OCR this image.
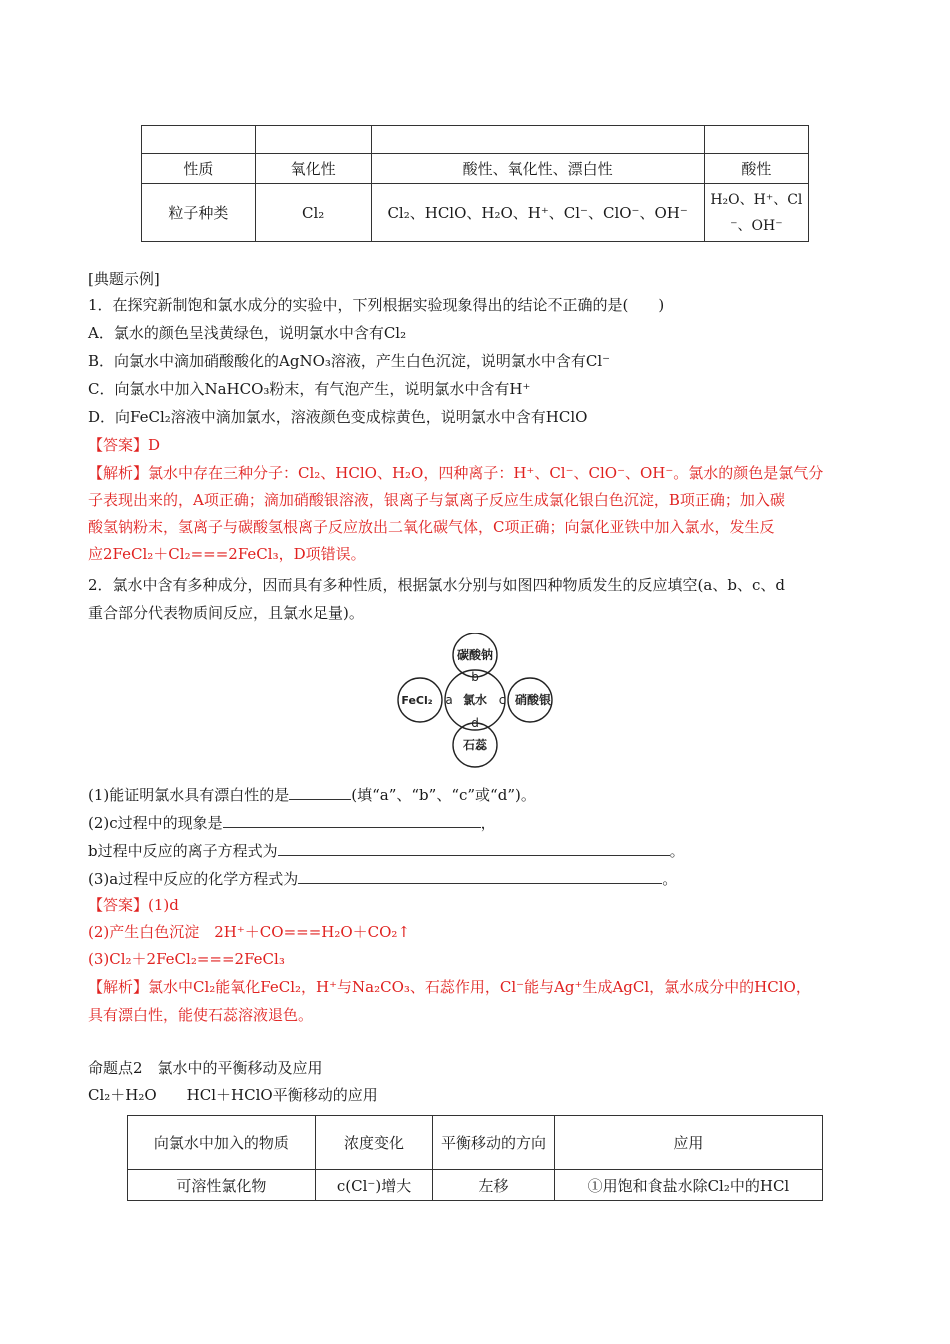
性质	氧化性	酸性、氧化性、漂白性	酸性
粒子种类	Cl₂	Cl₂、HClO、H₂O、H⁺、Cl⁻、ClO⁻、OH⁻	H₂O、H⁺、Cl
⁻、OH⁻
[典题示例]
1．在探究新制饱和氯水成分的实验中，下列根据实验现象得出的结论不正确的是(　　)
A．氯水的颜色呈浅黄绿色，说明氯水中含有Cl₂
B．向氯水中滴加硝酸酸化的AgNO₃溶液，产生白色沉淀，说明氯水中含有Cl⁻
C．向氯水中加入NaHCO₃粉末，有气泡产生，说明氯水中含有H⁺
D．向FeCl₂溶液中滴加氯水，溶液颜色变成棕黄色，说明氯水中含有HClO
【答案】D
【解析】氯水中存在三种分子：Cl₂、HClO、H₂O，四种离子：H⁺、Cl⁻、ClO⁻、OH⁻。氯水的颜色是氯气分
子表现出来的，A项正确；滴加硝酸银溶液，银离子与氯离子反应生成氯化银白色沉淀，B项正确；加入碳
酸氢钠粉末，氢离子与碳酸氢根离子反应放出二氧化碳气体，C项正确；向氯化亚铁中加入氯水，发生反
应2FeCl₂＋Cl₂===2FeCl₃，D项错误。
2．氯水中含有多种成分，因而具有多种性质，根据氯水分别与如图四种物质发生的反应填空(a、b、c、d
重合部分代表物质间反应，且氯水足量)。
碳酸钠
石蕊
FeCl₂	硝酸银
氯水
b
d
a	c
(1)能证明氯水具有漂白性的是	(填“a”、“b”、“c”或“d”)。
(2)c过程中的现象是	，
b过程中反应的离子方程式为	。
(3)a过程中反应的化学方程式为	。
【答案】(1)d
(2)产生白色沉淀　2H⁺＋CO===H₂O＋CO₂↑
(3)Cl₂＋2FeCl₂===2FeCl₃
【解析】氯水中Cl₂能氧化FeCl₂，H⁺与Na₂CO₃、石蕊作用，Cl⁻能与Ag⁺生成AgCl，氯水成分中的HClO，
具有漂白性，能使石蕊溶液退色。
命题点2　氯水中的平衡移动及应用
Cl₂＋H₂O　　HCl＋HClO平衡移动的应用
向氯水中加入的物质	浓度变化	平衡移动的方向	应用
可溶性氯化物	c(Cl⁻)增大	左移	①用饱和食盐水除Cl₂中的HCl
